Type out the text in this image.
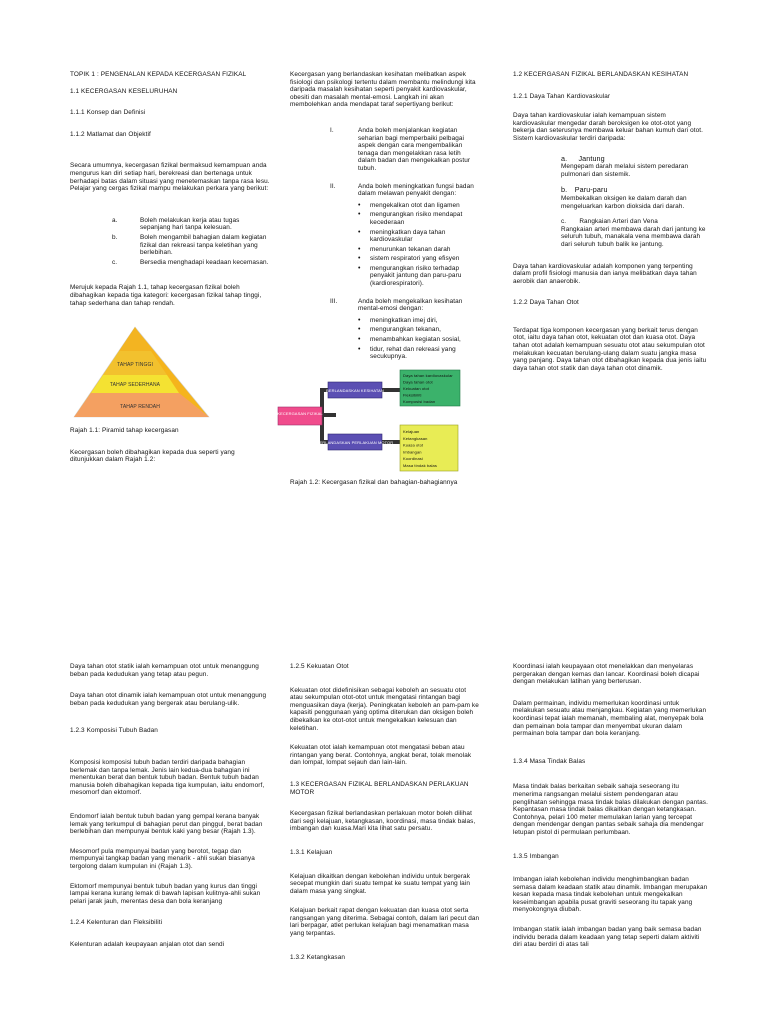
TOPIK 1 : PENGENALAN KEPADA KECERGASAN FIZIKAL

1.1 KECERGASAN KESELURUHAN

1.1.1 Konsep dan Definisi

1.1.2 Matlamat dan Objektif

Secara umumnya, kecergasan fizikal bermaksud kemampuan anda mengurus kan diri setiap hari, berekreasi dan bertenaga untuk berhadapi batas dalam situasi yang menetemaskan tanpa rasa lesu. Pelajar yang cergas fizikal mampu melakukan perkara yang berikut:

a.	Boleh melakukan kerja atau tugas sepanjang hari tanpa kelesuan.
b.	Boleh mengambil bahagian dalam kegiatan fizikal dan rekreasi tanpa keletihan yang berlebihan.
c.	Bersedia menghadapi keadaan kecemasan.

Merujuk kepada Rajah 1.1, tahap kecergasan fizikal boleh dibahagikan kepada tiga kategori: kecergasan fizikal tahap tinggi, tahap sederhana dan tahap rendah.

TAHAP TINGGI
TAHAP SEDERHANA
TAHAP RENDAH

Rajah 1.1: Piramid tahap kecergasan

Kecergasan boleh dibahagikan kepada dua seperti yang ditunjukkan dalam Rajah 1.2:

Kecergasan yang berlandaskan kesihatan melibatkan aspek fisiologi dan psikologi tertentu dalam membantu melindungi kita daripada masalah kesihatan seperti penyakit kardiovaskular, obesiti dan masalah mental-emosi. Langkah ini akan membolehkan anda mendapat taraf sepertiyang berikut:

I.	Anda boleh menjalankan kegiatan seharian bagi memperbaiki pelbagai aspek dengan cara mengembalikan tenaga dan mengelakkan rasa letih dalam badan dan mengekalkan postur tubuh.
II.	Anda boleh meningkatkan fungsi badan dalam melawan penyakit dengan:
•	mengekalkan otot dan ligamen
•	mengurangkan risiko mendapat kecederaan
•	meningkatkan daya tahan kardiovaskular
•	menurunkan tekanan darah
•	sistem respiratori yang efisyen
•	mengurangkan risiko terhadap penyakit jantung dan paru-paru (kardiorespiratori).
III.	Anda boleh mengekalkan kesihatan mental-emosi dengan:
•	meningkatkan imej diri,
•	mengurangkan tekanan,
•	menambahkan kegiatan sosial,
•	tidur, rehat dan rekreasi yang secukupnya.
KECERGASAN FIZIKAL
BERLANDASKAN KESIHATAN
BERLANDASKAN PERLAKUAN MOTOR
Daya tahan kardiovaskular
Daya tahan otot
Kekuatan otot
Fleksibiliti
Komposisi badan
Kelajuan
Ketangkasan
Kuasa otot
Imbangan
Koordinasi
Masa tindak balas

Rajah 1.2: Kecergasan fizikal dan bahagian-bahagiannya

1.2 KECERGASAN FIZIKAL BERLANDASKAN KESIHATAN

1.2.1 Daya Tahan Kardiovaskular

Daya tahan kardiovaskular ialah kemampuan sistem kardiovaskular mengedar darah beroksigen ke otot-otot yang bekerja dan seterusnya membawa keluar bahan kumuh dari otot. Sistem kardiovaskular terdiri daripada:

a. Jantung
Mengepam darah melalui sistem peredaran pulmonari dan sistemik.
b. Paru-paru
Membekalkan oksigen ke dalam darah dan mengeluarkan karbon dioksida dari darah.
c. Rangkaian Arteri dan Vena
Rangkaian arteri membawa darah dari jantung ke seluruh tubuh, manakala vena membawa darah dari seluruh tubuh balik ke jantung.

Daya tahan kardiovaskular adalah komponen yang terpenting dalam profil fisiologi manusia dan ianya melibatkan daya tahan aerobik dan anaerobik.

1.2.2 Daya Tahan Otot

Terdapat tiga komponen kecergasan yang berkait terus dengan otot, iaitu daya tahan otot, kekuatan otot dan kuasa otot. Daya tahan otot adalah kemampuan sesuatu otot atau sekumpulan otot melakukan kecuatan berulang-ulang dalam suatu jangka masa yang panjang. Daya tahan otot dibahagikan kepada dua jenis iaitu daya tahan otot statik dan daya tahan otot dinamik.

Daya tahan otot statik ialah kemampuan otot untuk menanggung beban pada kedudukan yang tetap atau pegun.

Daya tahan otot dinamik ialah kemampuan otot untuk menanggung beban pada kedudukan yang bergerak atau berulang-ulik.

1.2.3 Komposisi Tubuh Badan

Komposisi komposisi tubuh badan terdiri daripada bahagian berlemak dan tanpa lemak. Jenis lain kedua-dua bahagian ini menentukan berat dan bentuk tubuh badan. Bentuk tubuh badan manusia boleh dibahagikan kepada tiga kumpulan, iaitu endomorf, mesomorf dan ektomorf.

Endomorf ialah bentuk tubuh badan yang gempal kerana banyak lemak yang terkumpul di bahagian perut dan pinggul, berat badan berlebihan dan mempunyai bentuk kaki yang besar (Rajah 1.3).

Mesomorf pula mempunyai badan yang berotot, tegap dan mempunyai tangkap badan yang menarik - ahli sukan biasanya tergolong dalam kumpulan ini (Rajah 1.3).

Ektomorf mempunyai bentuk tubuh badan yang kurus dan tinggi lampai kerana kurang lemak di bawah lapisan kulitnya-ahli sukan pelari jarak jauh, merentas desa dan bola keranjang

1.2.4 Kelenturan dan Fleksibiliti

Kelenturan adalah keupayaan anjalan otot dan sendi

1.2.5 Kekuatan Otot

Kekuatan otot didefinisikan sebagai keboleh an sesuatu otot atau sekumpulan otot-otot untuk mengatasi rintangan bagi menguasikan daya (kerja). Peningkatan keboleh an pam-pam ke kapasiti penggunaan yang optima diterukan dan oksigen boleh dibekalkan ke otot-otot untuk mengekalkan kelesuan dan keletihan.

Kekuatan otot ialah kemampuan otot mengatasi beban atau rintangan yang berat. Contohnya, angkat berat, tolak menolak dan lompat, lompat sejauh dan lain-lain.

1.3 KECERGASAN FIZIKAL BERLANDASKAN PERLAKUAN MOTOR

Kecergasan fizikal berlandaskan perlakuan motor boleh dilihat dari segi kelajuan, ketangkasan, koordinasi, masa tindak balas, imbangan dan kuasa.Mari kita lihat satu persatu.

1.3.1 Kelajuan

Kelajuan dikaitkan dengan kebolehan individu untuk bergerak secepat mungkin dari suatu tempat ke suatu tempat yang lain dalam masa yang singkat.

Kelajuan berkait rapat dengan kekuatan dan kuasa otot serta rangsangan yang diterima. Sebagai contoh, dalam lari pecut dan lari berpagar, atlet perlukan kelajuan bagi menamatkan masa yang terpantas.

1.3.2 Ketangkasan

Koordinasi ialah keupayaan otot menelakkan dan menyelaras pergerakan dengan kemas dan lancar. Koordinasi boleh dicapai dengan melakukan latihan yang berterusan.

Dalam permainan, individu memerlukan koordinasi untuk melakukan sesuatu atau menjangkau. Kegiatan yang memerlukan koordinasi tepat ialah memanah, membaling alat, menyepak bola dan pemainan bola tampar dan menyembat ukuran dalam permainan bola tampar dan bola keranjang.

1.3.4 Masa Tindak Balas

Masa tindak balas berkaitan sebaik sahaja seseorang itu menerima rangsangan melalui sistem pendengaran atau penglihatan sehingga masa tindak balas dilakukan dengan pantas. Kepantasan masa tindak balas dikaitkan dengan ketangkasan. Contohnya, pelari 100 meter memulakan larian yang tercepat dengan mendengar dengan pantas sebaik sahaja dia mendengar letupan pistol di permulaan perlumbaan.

1.3.5 Imbangan

Imbangan ialah kebolehan individu menghimbangkan badan semasa dalam keadaan statik atau dinamik. Imbangan merupakan kesan kepada masa tindak kebolehan untuk mengekalkan keseimbangan apabila pusat graviti seseorang itu tapak yang menyokongnya diubah.

Imbangan statik ialah imbangan badan yang baik semasa badan individu berada dalam keadaan yang tetap seperti dalam aktiviti diri atau berdiri di atas tali
